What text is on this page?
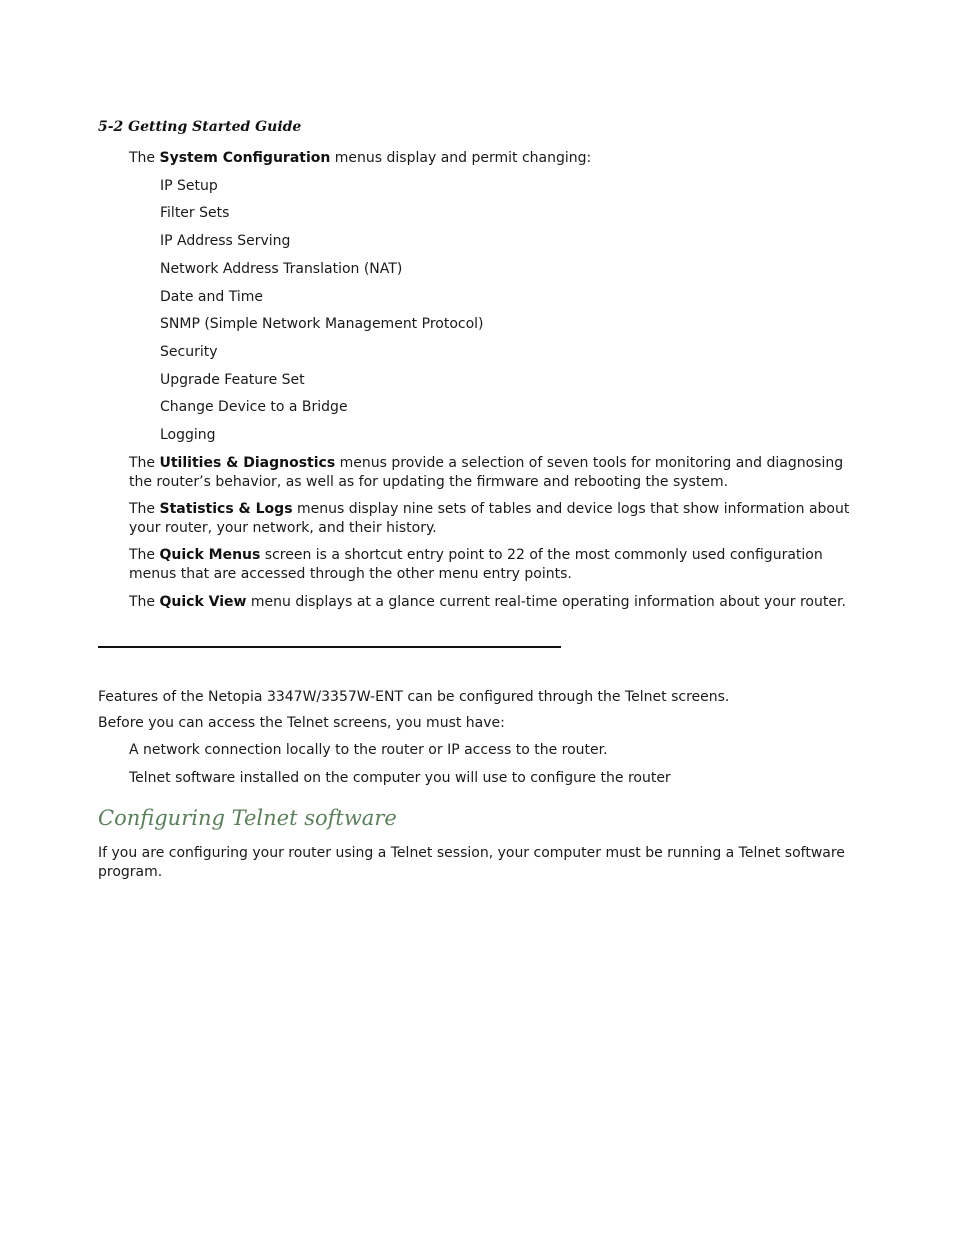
5-2 Getting Started Guide
The System Configuration menus display and permit changing:
IP Setup
Filter Sets
IP Address Serving
Network Address Translation (NAT)
Date and Time
SNMP (Simple Network Management Protocol)
Security
Upgrade Feature Set
Change Device to a Bridge
Logging
The Utilities & Diagnostics menus provide a selection of seven tools for monitoring and diagnosing the router’s behavior, as well as for updating the firmware and rebooting the system.
The Statistics & Logs menus display nine sets of tables and device logs that show information about your router, your network, and their history.
The Quick Menus screen is a shortcut entry point to 22 of the most commonly used configuration menus that are accessed through the other menu entry points.
The Quick View menu displays at a glance current real-time operating information about your router.
Features of the Netopia 3347W/3357W-ENT can be configured through the Telnet screens.
Before you can access the Telnet screens, you must have:
A network connection locally to the router or IP access to the router.
Telnet software installed on the computer you will use to configure the router
Configuring Telnet software
If you are configuring your router using a Telnet session, your computer must be running a Telnet software program.
